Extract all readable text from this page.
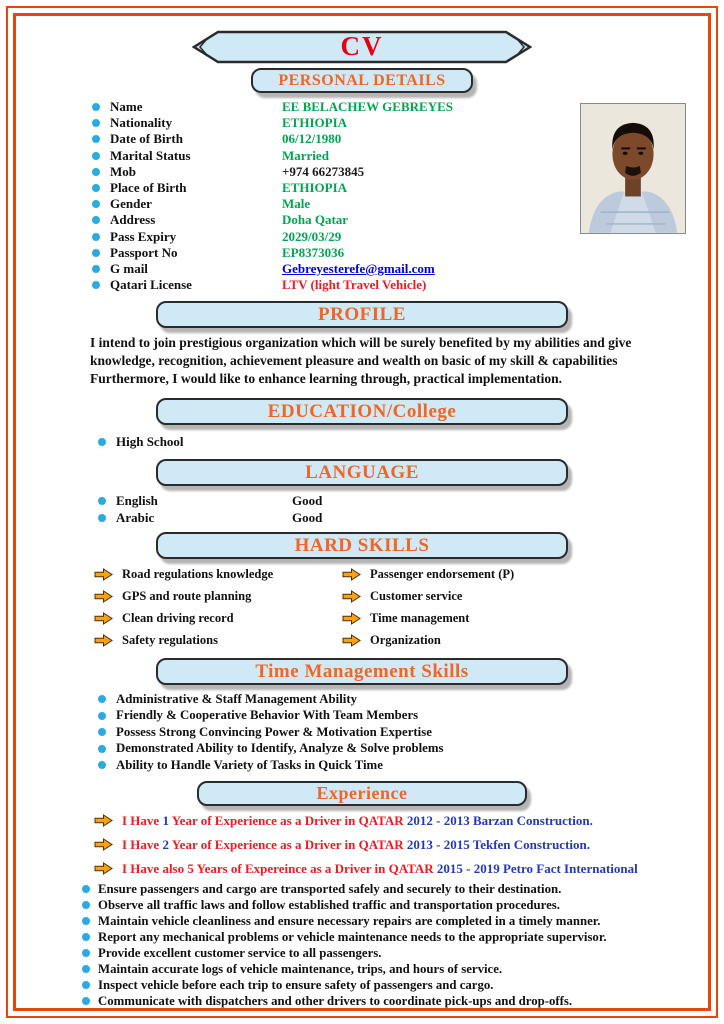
CV
PERSONAL DETAILS
Name	EE BELACHEW GEBREYES
Nationality	ETHIOPIA
Date of Birth	06/12/1980
Marital Status	Married
Mob	+974 66273845
Place of Birth	ETHIOPIA
Gender	Male
Address	Doha Qatar
Pass Expiry	2029/03/29
Passport No	EP8373036
G mail	Gebreyesterefe@gmail.com
Qatari License	LTV (light Travel Vehicle)
PROFILE

I intend to join prestigious organization which will be surely benefited by my abilities and give knowledge, recognition, achievement pleasure and wealth on basic of my skill & capabilities Furthermore, I would like to enhance learning through, practical implementation.

EDUCATION/College
High School
LANGUAGE
English	Good
Arabic	Good
HARD SKILLS
Road regulations knowledge	Passenger endorsement (P)
GPS and route planning	Customer service
Clean driving record	Time management
Safety regulations	Organization
Time Management Skills
Administrative & Staff Management Ability
Friendly & Cooperative Behavior With Team Members
Possess Strong Convincing Power & Motivation Expertise
Demonstrated Ability to Identify, Analyze & Solve problems
Ability to Handle Variety of Tasks in Quick Time
Experience
I Have 1 Year of Experience as a Driver in QATAR 2012 - 2013 Barzan Construction.
I Have 2 Year of Experience as a Driver in QATAR 2013 - 2015 Tekfen Construction.
I Have also 5 Years of Expereince as a Driver in QATAR 2015 - 2019 Petro Fact International
Ensure passengers and cargo are transported safely and securely to their destination.
Observe all traffic laws and follow established traffic and transportation procedures.
Maintain vehicle cleanliness and ensure necessary repairs are completed in a timely manner.
Report any mechanical problems or vehicle maintenance needs to the appropriate supervisor.
Provide excellent customer service to all passengers.
Maintain accurate logs of vehicle maintenance, trips, and hours of service.
Inspect vehicle before each trip to ensure safety of passengers and cargo.
Communicate with dispatchers and other drivers to coordinate pick-ups and drop-offs.
